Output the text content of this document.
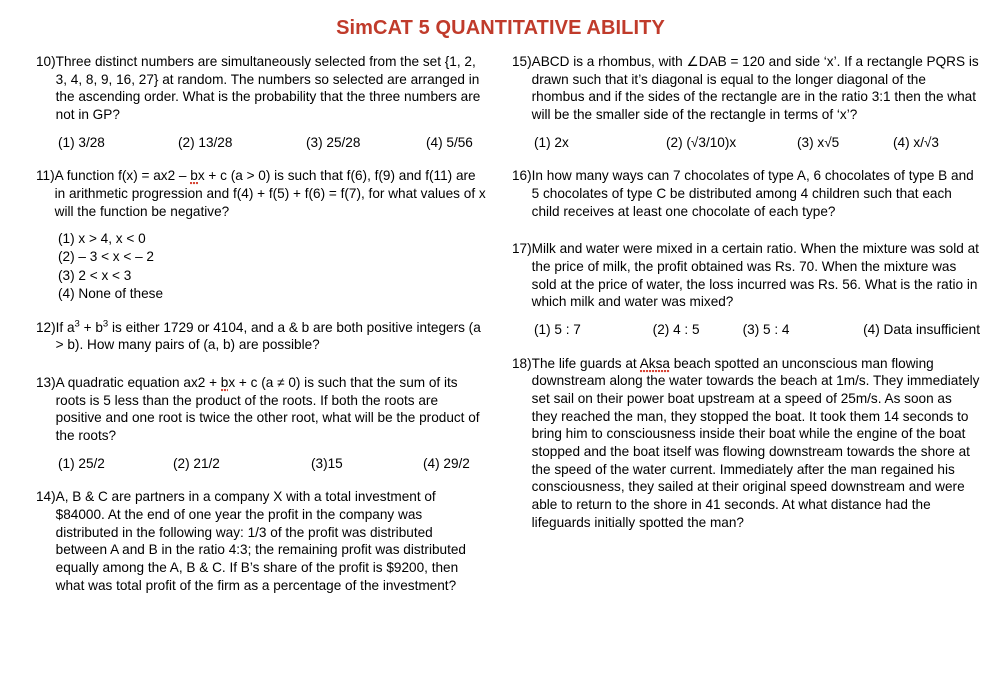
SimCAT 5 QUANTITATIVE ABILITY
10) Three distinct numbers are simultaneously selected from the set {1, 2, 3, 4, 8, 9, 16, 27} at random. The numbers so selected are arranged in the ascending order. What is the probability that the three numbers are not in GP?
(1) 3/28	(2) 13/28	(3) 25/28	(4) 5/56
11) A function f(x) = ax2 – bx + c (a > 0) is such that f(6), f(9) and f(11) are in arithmetic progression and f(4) + f(5) + f(6) = f(7), for what values of x will the function be negative?
(1) x > 4, x < 0
(2) – 3 < x < – 2
(3) 2 < x < 3
(4) None of these
12) If $a^3 + b^3$ is either 1729 or 4104, and a & b are both positive integers (a > b). How many pairs of (a, b) are possible?
13) A quadratic equation ax2 + bx + c (a ≠ 0) is such that the sum of its roots is 5 less than the product of the roots. If both the roots are positive and one root is twice the other root, what will be the product of the roots?
(1) 25/2	(2) 21/2	(3)15	(4) 29/2
14) A, B & C are partners in a company X with a total investment of $84000. At the end of one year the profit in the company was distributed in the following way: 1/3 of the profit was distributed between A and B in the ratio 4:3; the remaining profit was distributed equally among the A, B & C. If B’s share of the profit is $9200, then what was total profit of the firm as a percentage of the investment?
15) ABCD is a rhombus, with ∠DAB = 120 and side ‘x’. If a rectangle PQRS is drawn such that it’s diagonal is equal to the longer diagonal of the rhombus and if the sides of the rectangle are in the ratio 3:1 then the what will be the smaller side of the rectangle in terms of ‘x’?
(1) 2x	(2) (√3/10)x	(3) x√5	(4) x/√3
16) In how many ways can 7 chocolates of type A, 6 chocolates of type B and 5 chocolates of type C be distributed among 4 children such that each child receives at least one chocolate of each type?
17) Milk and water were mixed in a certain ratio. When the mixture was sold at the price of milk, the profit obtained was Rs. 70. When the mixture was sold at the price of water, the loss incurred was Rs. 56. What is the ratio in which milk and water was mixed?
(1) 5 : 7	(2) 4 : 5	(3) 5 : 4	(4) Data insufficient
18) The life guards at Aksa beach spotted an unconscious man flowing downstream along the water towards the beach at 1m/s. They immediately set sail on their power boat upstream at a speed of 25m/s. As soon as they reached the man, they stopped the boat. It took them 14 seconds to bring him to consciousness inside their boat while the engine of the boat stopped and the boat itself was flowing downstream towards the shore at the speed of the water current. Immediately after the man regained his consciousness, they sailed at their original speed downstream and were able to return to the shore in 41 seconds. At what distance had the lifeguards initially spotted the man?
